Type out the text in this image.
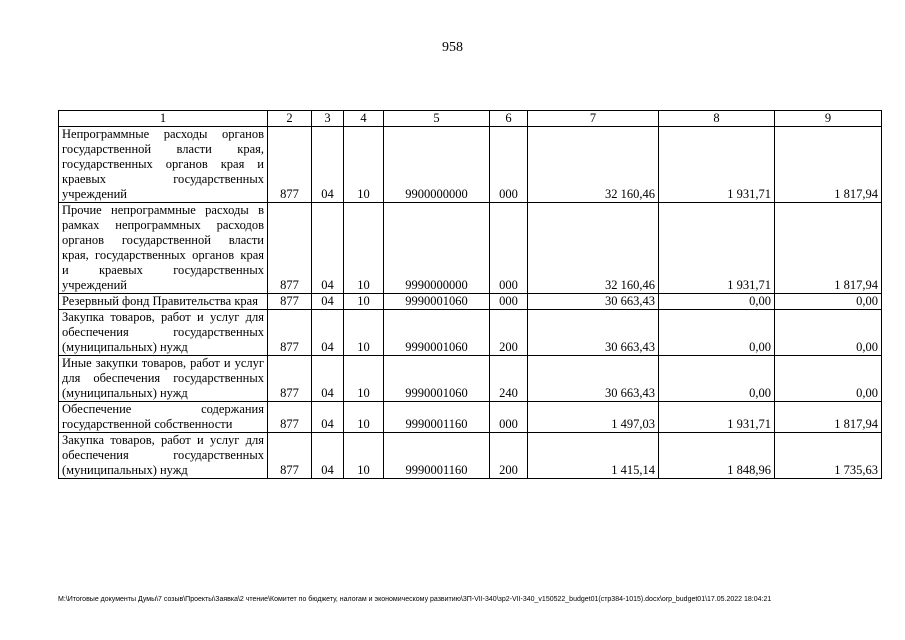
958
1	2	3	4	5	6	7	8	9
Непрограммные расходы органов государственной власти края, государственных органов края и краевых государственных учреждений	877	04	10	9900000000	000	32 160,46	1 931,71	1 817,94
Прочие непрограммные расходы в рамках непрограммных расходов органов государственной власти края, государственных органов края и краевых государственных учреждений	877	04	10	9990000000	000	32 160,46	1 931,71	1 817,94
Резервный фонд Правительства края	877	04	10	9990001060	000	30 663,43	0,00	0,00
Закупка товаров, работ и услуг для обеспечения государственных (муниципальных) нужд	877	04	10	9990001060	200	30 663,43	0,00	0,00
Иные закупки товаров, работ и услуг для обеспечения государственных (муниципальных) нужд	877	04	10	9990001060	240	30 663,43	0,00	0,00
Обеспечение содержания государственной собственности	877	04	10	9990001160	000	1 497,03	1 931,71	1 817,94
Закупка товаров, работ и услуг для обеспечения государственных (муниципальных) нужд	877	04	10	9990001160	200	1 415,14	1 848,96	1 735,63
M:\Итоговые документы Думы\7 созыв\Проекты\Заявка\2 чтение\Комитет по бюджету, налогам и экономическому развитию\3П-VII-340\зр2-VII-340_v150522_budget01(стр384-1015).docx\orp_budget01\17.05.2022 18:04:21
